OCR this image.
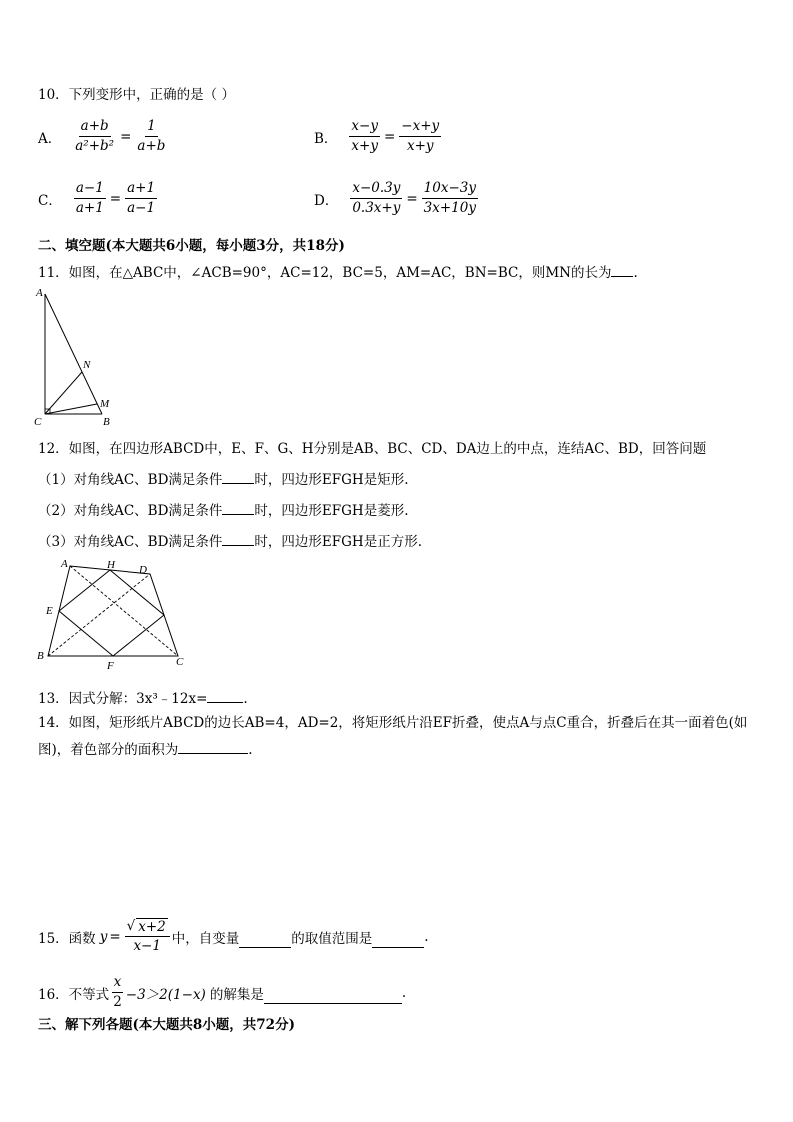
10．下列变形中，正确的是（ ）
A． $\frac{a+b}{\text{a²+b²}} = \frac{1}{a+b}$	B． $\frac{x-y}{x+y} = \frac{-x+y}{x+y}$
C． $\frac{a-1}{a+1} = \frac{a+1}{a-1}$	D． $\frac{x-0.3y}{0.3x+y} = \frac{10x-3y}{3x+10y}$
二、填空题(本大题共6小题，每小题3分，共18分)
11．如图，在△ABC中，∠ACB=90°，AC=12，BC=5，AM=AC，BN=BC，则MN的长为 .
A
N
M
C	B
12．如图，在四边形ABCD中，E、F、G、H分别是AB、BC、CD、DA边上的中点，连结AC、BD，回答问题
（1）对角线AC、BD满足条件 时，四边形EFGH是矩形.
（2）对角线AC、BD满足条件 时，四边形EFGH是菱形.
（3）对角线AC、BD满足条件 时，四边形EFGH是正方形.
A	H D
E
B
F	C
13．因式分解：3x³﹣12x=	.
14．如图，矩形纸片ABCD的边长AB=4，AD=2，将矩形纸片沿EF折叠，使点A与点C重合，折叠后在其一面着色(如
图)，着色部分的面积为	.
15．函数 $y = \frac{√ x+2}{x-1}$ 中，自变量	的取值范围是	.
16．不等式 $\frac{x}{2} -3>2(1-x)$ 的解集是	.
三、解下列各题(本大题共8小题，共72分)
